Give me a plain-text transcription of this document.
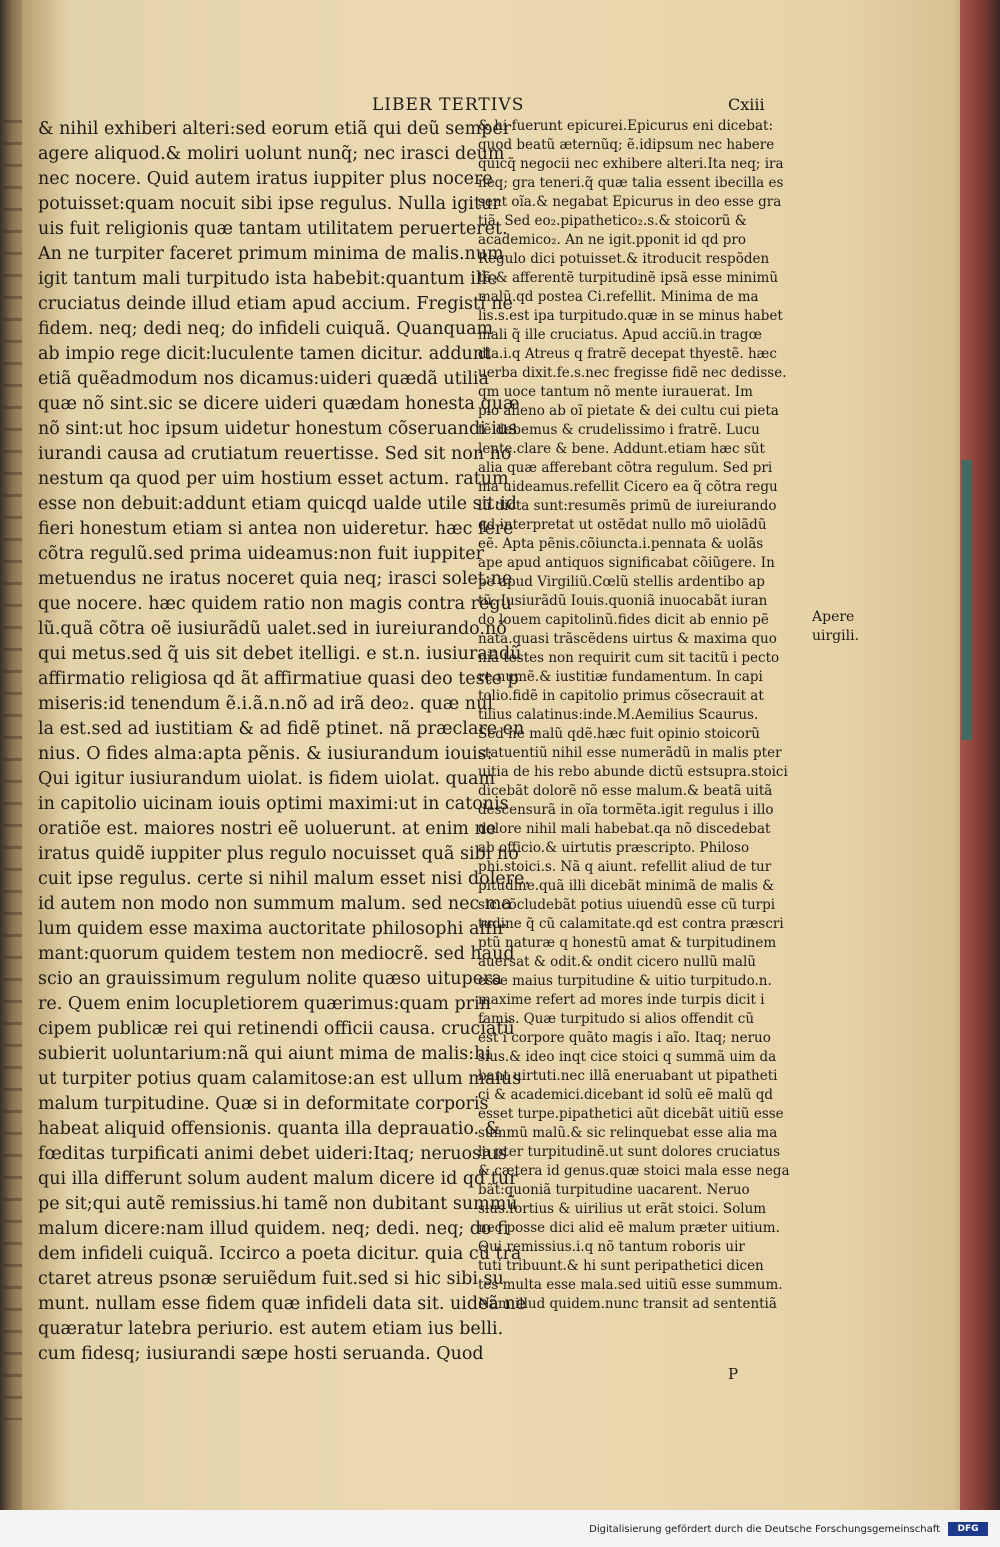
LIBER TERTIVS	Cxiii
& nihil exhiberi alteri:sed eorum etiã qui deũ semper
agere aliquod.& moliri uolunt nunq̃; nec irasci deum
nec nocere. Quid autem iratus iuppiter plus nocere
potuisset:quam nocuit sibi ipse regulus. Nulla igitur
uis fuit religionis quæ tantam utilitatem peruerteret.
An ne turpiter faceret primum minima de malis.num
igit tantum mali turpitudo ista habebit:quantum ille
cruciatus deinde illud etiam apud accium. Fregisti ne
fidem. neq; dedi neq; do infideli cuiquã. Quanquam
ab impio rege dicit:luculente tamen dicitur. addunt
etiã quẽadmodum nos dicamus:uideri quædã utilia
quæ nõ sint.sic se dicere uideri quædam honesta quæ
nõ sint:ut hoc ipsum uidetur honestum cõseruandi ius
iurandi causa ad crutiatum reuertisse. Sed sit non ho
nestum qa quod per uim hostium esset actum. ratum
esse non debuit:addunt etiam quicqd ualde utile sit:id
fieri honestum etiam si antea non uideretur. hæc fere
cõtra regulũ.sed prima uideamus:non fuit iuppiter
metuendus ne iratus noceret quia neq; irasci solet:ne
que nocere. hæc quidem ratio non magis contra regu
lũ.quã cõtra oẽ iusiurãdũ ualet.sed in iureiurando.nõ
qui metus.sed q̃ uis sit debet itelligi. e st.n. iusiurandũ
affirmatio religiosa qd ãt affirmatiue quasi deo teste p
miseris:id tenendum ẽ.i.ã.n.nõ ad irã deo₂. quæ nul
la est.sed ad iustitiam & ad fidẽ ptinet. nã præclare en
nius. O fides alma:apta pẽnis. & iusiurandum iouis:
Qui igitur iusiurandum uiolat. is fidem uiolat. quam
in capitolio uicinam iouis optimi maximi:ut in catonis
oratiõe est. maiores nostri eẽ uoluerunt. at enim ne
iratus quidẽ iuppiter plus regulo nocuisset quã sibi no
cuit ipse regulus. certe si nihil malum esset nisi dolere.
id autem non modo non summum malum. sed nec ma
lum quidem esse maxima auctoritate philosophi affir
mant:quorum quidem testem non mediocrẽ. sed haud
scio an grauissimum regulum nolite quæso uitupera
re. Quem enim locupletiorem quærimus:quam prin
cipem publicæ rei qui retinendi officii causa. cruciatũ
subierit uoluntarium:nã qui aiunt mima de malis:hi
ut turpiter potius quam calamitose:an est ullum maius
malum turpitudine. Quæ si in deformitate corporis
habeat aliquid offensionis. quanta illa deprauatio. &
fœditas turpificati animi debet uideri:Itaq; neruosius
qui illa differunt solum audent malum dicere id qd tur
pe sit;qui autẽ remissius.hi tamẽ non dubitant summũ
malum dicere:nam illud quidem. neq; dedi. neq; do fi
dem infideli cuiquã. Iccirco a poeta dicitur. quia cũ tra
ctaret atreus psonæ seruiẽdum fuit.sed si hic sibi su
munt. nullam esse fidem quæ infideli data sit. uideã ne
quæratur latebra periurio. est autem etiam ius belli.
cum fidesq; iusiurandi sæpe hosti seruanda. Quod
& hi fuerunt epicurei.Epicurus eni dicebat:
quod beatũ æternũq; ẽ.idipsum nec habere
quicq̃ negocii nec exhibere alteri.Ita neq; ira
neq; gra teneri.q̃ quæ talia essent ibecilla es
sent oĩa.& negabat Epicurus in deo esse gra
tiã. Sed eo₂.pipathetico₂.s.& stoicorũ &
academico₂. An ne igit.pponit id qd pro
Regulo dici potuisset.& itroducit respõden
tẽ.& afferentẽ turpitudinẽ ipsã esse minimũ
malũ.qd postea Ci.refellit. Minima de ma
lis.s.est ipa turpitudo.quæ in se minus habet
mali q̃ ille cruciatus. Apud acciũ.in tragœ
dia.i.q Atreus q fratrẽ decepat thyestẽ. hæc
uerba dixit.fe.s.nec fregisse fidẽ nec dedisse.
qm uoce tantum nõ mente iurauerat. Im
pio alieno ab oĩ pietate & dei cultu cui pieta
tẽ debemus & crudelissimo i fratrẽ. Lucu
lente.clare & bene. Addunt.etiam hæc sũt
alia quæ afferebant cõtra regulum. Sed pri
ma uideamus.refellit Cicero ea q̃ cõtra regu
lũ dicta sunt:resumẽs primũ de iureiurando
qd interpretat ut ostẽdat nullo mõ uiolãdũ
eẽ. Apta pẽnis.cõiuncta.i.pennata & uolãs
ape apud antiquos significabat cõiũgere. In
pe apud Virgiliũ.Cœlũ stellis ardentibo ap
tũ. Iusiurãdũ Iouis.quoniã inuocabãt iuran
do louem capitolinũ.fides dicit ab ennio pẽ
nata.quasi trãscẽdens uirtus & maxima quo
niã testes non requirit cum sit tacitũ i pecto
re numẽ.& iustitiæ fundamentum. In capi
tolio.fidẽ in capitolio primus cõsecrauit at
tilius calatinus:inde.M.Aemilius Scaurus.
Sed ne malũ qdẽ.hæc fuit opinio stoicorũ
statuentiũ nihil esse numerãdũ in malis pter
uitia de his rebo abunde dictũ estsupra.stoici
dicebãt dolorẽ nõ esse malum.& beatã uitã
descensurã in oĩa tormẽta.igit regulus i illo
dolore nihil mali habebat.qa nõ discedebat
ab officio.& uirtutis præscripto. Philoso
phi.stoici.s. Nã q aiunt. refellit aliud de tur
pitudine.quã illi dicebãt minimã de malis &
sic cõcludebãt potius uiuendũ esse cũ turpi
tudine q̃ cũ calamitate.qd est contra præscri
ptũ naturæ q honestũ amat & turpitudinem
auersat & odit.& ondit cicero nullũ malũ
esse maius turpitudine & uitio turpitudo.n.
maxime refert ad mores inde turpis dicit i
famis. Quæ turpitudo si alios offendit cũ
est i corpore quãto magis i aĩo. Itaq; neruo
sius.& ideo inqt cice stoici q summã uim da
bant uirtuti.nec illã eneruabant ut pipatheti
ci & academici.dicebant id solũ eẽ malũ qd
esset turpe.pipathetici aũt dicebãt uitiũ esse
summũ malũ.& sic relinquebat esse alia ma
la pter turpitudinẽ.ut sunt dolores cruciatus
& cætera id genus.quæ stoici mala esse nega
bãt:quoniã turpitudine uacarent. Neruo
sius.fortius & uirilius ut erãt stoici. Solum
nec posse dici alid eẽ malum præter uitium.
Qui remissius.i.q nõ tantum roboris uir
tuti tribuunt.& hi sunt peripathetici dicen
tes multa esse mala.sed uitiũ esse summum.
Nam illud quidem.nunc transit ad sententiã
Apere
uirgili.
P
Digitalisierung gefördert durch die Deutsche Forschungsgemeinschaft	DFG
